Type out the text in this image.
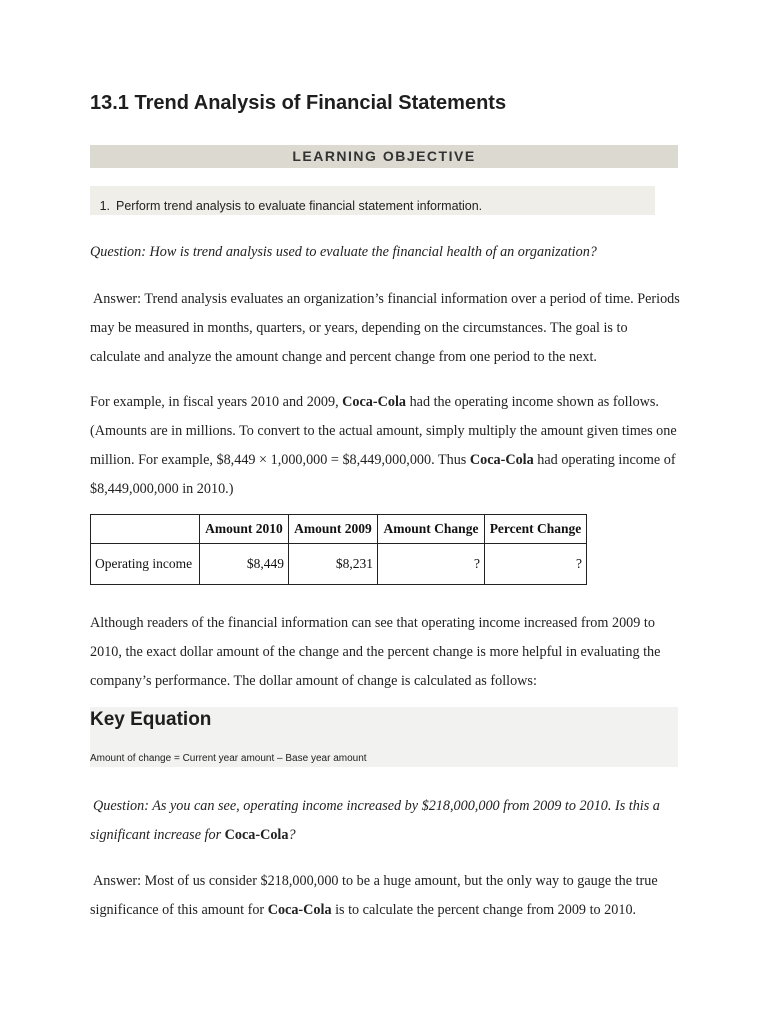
13.1 Trend Analysis of Financial Statements
LEARNING OBJECTIVE
1. Perform trend analysis to evaluate financial statement information.

Question: How is trend analysis used to evaluate the financial health of an organization?

Answer: Trend analysis evaluates an organization’s financial information over a period of time. Periods may be measured in months, quarters, or years, depending on the circumstances. The goal is to calculate and analyze the amount change and percent change from one period to the next.

For example, in fiscal years 2010 and 2009, Coca-Cola had the operating income shown as follows. (Amounts are in millions. To convert to the actual amount, simply multiply the amount given times one million. For example, $8,449 × 1,000,000 = $8,449,000,000. Thus Coca-Cola had operating income of $8,449,000,000 in 2010.)

	Amount 2010	Amount 2009	Amount Change	Percent Change
Operating income	$8,449	$8,231	?	?

Although readers of the financial information can see that operating income increased from 2009 to 2010, the exact dollar amount of the change and the percent change is more helpful in evaluating the company’s performance. The dollar amount of change is calculated as follows:

Key Equation
Amount of change = Current year amount – Base year amount

Question: As you can see, operating income increased by $218,000,000 from 2009 to 2010. Is this a significant increase for Coca-Cola?

Answer: Most of us consider $218,000,000 to be a huge amount, but the only way to gauge the true significance of this amount for Coca-Cola is to calculate the percent change from 2009 to 2010.
